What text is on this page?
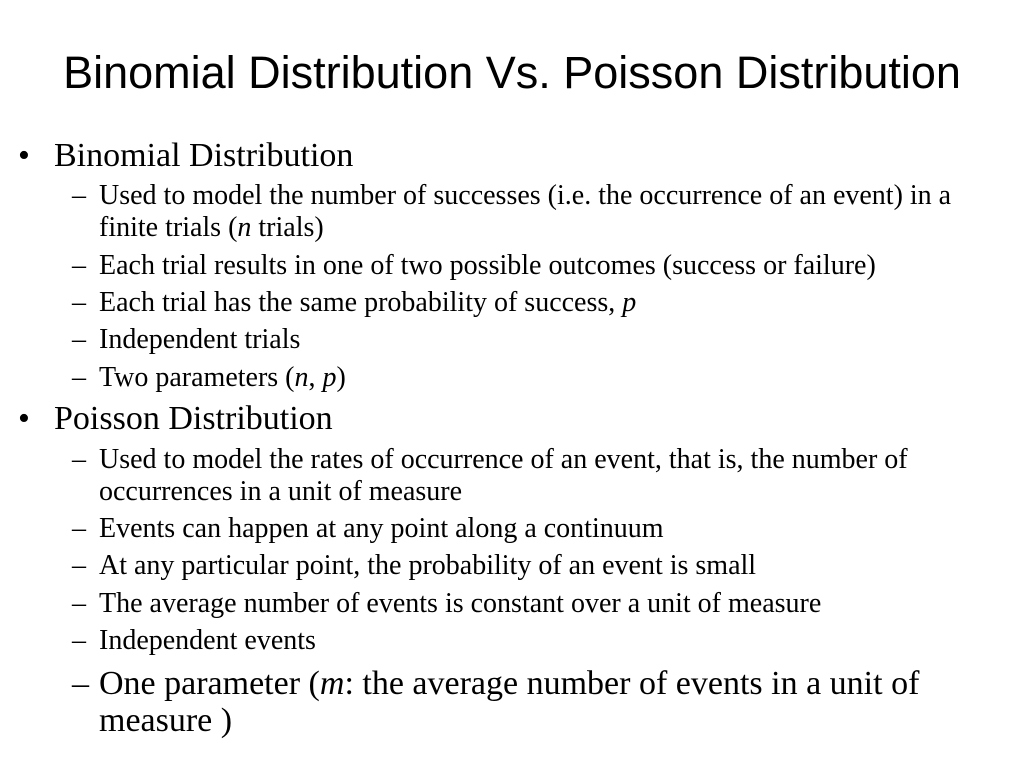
Binomial Distribution Vs. Poisson Distribution
• Binomial Distribution
– Used to model the number of successes (i.e. the occurrence of an event) in a finite trials (n trials)
– Each trial results in one of two possible outcomes (success or failure)
– Each trial has the same probability of success, p
– Independent trials
– Two parameters (n, p)
• Poisson Distribution
– Used to model the rates of occurrence of an event, that is, the number of occurrences in a unit of measure
– Events can happen at any point along a continuum
– At any particular point, the probability of an event is small
– The average number of events is constant over a unit of measure
– Independent events
– One parameter (m: the average number of events in a unit of measure )
